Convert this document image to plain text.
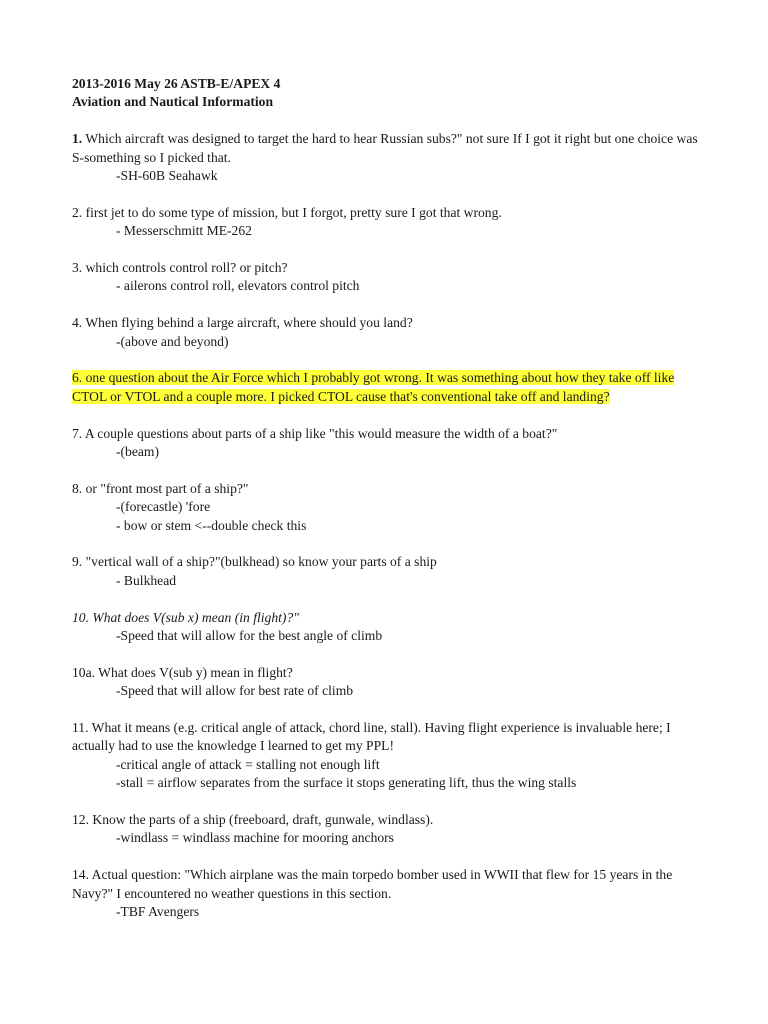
2013-2016 May 26 ASTB-E/APEX 4
Aviation and Nautical Information
1. Which aircraft was designed to target the hard to hear Russian subs?" not sure If I got it right but one choice was S-something so I picked that.
-SH-60B Seahawk
2. first jet to do some type of mission, but I forgot, pretty sure I got that wrong.
- Messerschmitt ME-262
3. which controls control roll? or pitch?
- ailerons control roll, elevators control pitch
4. When flying behind a large aircraft, where should you land?
-(above and beyond)
6. one question about the Air Force which I probably got wrong. It was something about how they take off like CTOL or VTOL and a couple more. I picked CTOL cause that's conventional take off and landing?
7. A couple questions about parts of a ship like "this would measure the width of a boat?"
-(beam)
8. or "front most part of a ship?"
-(forecastle) 'fore
- bow or stem <--double check this
9. "vertical wall of a ship?"(bulkhead) so know your parts of a ship
- Bulkhead
10. What does V(sub x) mean (in flight)?"
-Speed that will allow for the best angle of climb
10a. What does V(sub y) mean in flight?
-Speed that will allow for best rate of climb
11. What it means (e.g. critical angle of attack, chord line, stall). Having flight experience is invaluable here; I actually had to use the knowledge I learned to get my PPL!
-critical angle of attack = stalling not enough lift
-stall = airflow separates from the surface it stops generating lift, thus the wing stalls
12. Know the parts of a ship (freeboard, draft, gunwale, windlass).
-windlass = windlass machine for mooring anchors
14. Actual question: "Which airplane was the main torpedo bomber used in WWII that flew for 15 years in the Navy?" I encountered no weather questions in this section.
-TBF Avengers
